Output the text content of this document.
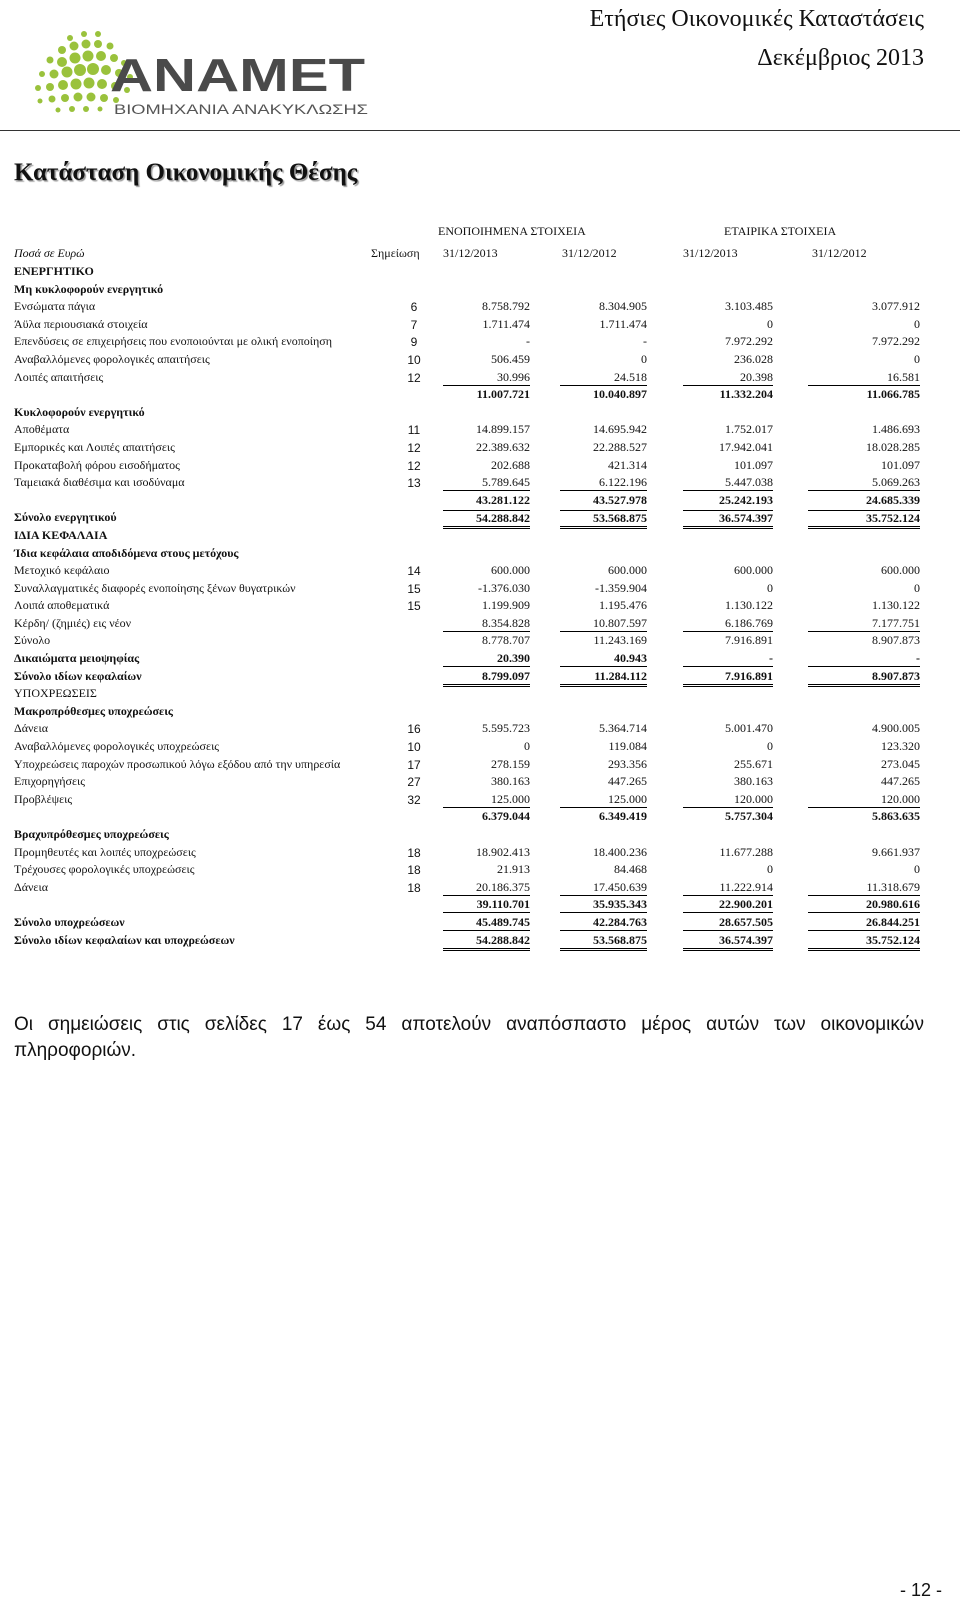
ΑΝΑΜΕΤ
ΒΙΟΜΗΧΑΝΙΑ ΑΝΑΚΥΚΛΩΣΗΣ
Ετήσιες Οικονομικές Καταστάσεις
Δεκέμβριος 2013
Κατάσταση Οικονομικής Θέσης
ΕΝΟΠΟΙΗΜΕΝΑ ΣΤΟΙΧΕΙΑ	ΕΤΑΙΡΙΚΑ ΣΤΟΙΧΕΙΑ
Ποσά σε Ευρώ	Σημείωση 31/12/2013	31/12/2012	31/12/2013	31/12/2012
ΕΝΕΡΓΗΤΙΚΟ
Μη κυκλοφορούν ενεργητικό
Ενσώματα πάγια	6	8.758.792	8.304.905	3.103.485	3.077.912
Άϋλα περιουσιακά στοιχεία	7	1.711.474	1.711.474	0	0
Επενδύσεις σε επιχειρήσεις που ενοποιούνται με ολική ενοποίηση	9	-	-	7.972.292	7.972.292
Αναβαλλόμενες φορολογικές απαιτήσεις	10	506.459	0	236.028	0
Λοιπές απαιτήσεις	12	30.996	24.518	20.398	16.581
11.007.721	10.040.897	11.332.204	11.066.785
Κυκλοφορούν ενεργητικό
Αποθέματα	11	14.899.157	14.695.942	1.752.017	1.486.693
Εμπορικές και Λοιπές απαιτήσεις	12	22.389.632	22.288.527	17.942.041	18.028.285
Προκαταβολή φόρου εισοδήματος	12	202.688	421.314	101.097	101.097
Ταμειακά διαθέσιμα και ισοδύναμα	13	5.789.645	6.122.196	5.447.038	5.069.263
43.281.122	43.527.978	25.242.193	24.685.339
Σύνολο ενεργητικού	54.288.842	53.568.875	36.574.397	35.752.124
ΙΔΙΑ ΚΕΦΑΛΑΙΑ
Ίδια κεφάλαια αποδιδόμενα στους μετόχους
Μετοχικό κεφάλαιο	14	600.000	600.000	600.000	600.000
Συναλλαγματικές διαφορές ενοποίησης ξένων θυγατρικών	15	-1.376.030	-1.359.904	0	0
Λοιπά αποθεματικά	15	1.199.909	1.195.476	1.130.122	1.130.122
Κέρδη/ (ζημιές) εις νέον	8.354.828	10.807.597	6.186.769	7.177.751
Σύνολο	8.778.707	11.243.169	7.916.891	8.907.873
Δικαιώματα μειοψηφίας	20.390	40.943	-	-
Σύνολο ιδίων κεφαλαίων	8.799.097	11.284.112	7.916.891	8.907.873
ΥΠΟΧΡΕΩΣΕΙΣ
Μακροπρόθεσμες υποχρεώσεις
Δάνεια	16	5.595.723	5.364.714	5.001.470	4.900.005
Αναβαλλόμενες φορολογικές υποχρεώσεις	10	0	119.084	0	123.320
Υποχρεώσεις παροχών προσωπικού λόγω εξόδου από την υπηρεσία	17	278.159	293.356	255.671	273.045
Επιχορηγήσεις	27	380.163	447.265	380.163	447.265
Προβλέψεις	32	125.000	125.000	120.000	120.000
6.379.044	6.349.419	5.757.304	5.863.635
Βραχυπρόθεσμες υποχρεώσεις
Προμηθευτές και λοιπές υποχρεώσεις	18	18.902.413	18.400.236	11.677.288	9.661.937
Τρέχουσες φορολογικές υποχρεώσεις	18	21.913	84.468	0	0
Δάνεια	18	20.186.375	17.450.639	11.222.914	11.318.679
39.110.701	35.935.343	22.900.201	20.980.616
Σύνολο υποχρεώσεων	45.489.745	42.284.763	28.657.505	26.844.251
Σύνολο ιδίων κεφαλαίων και υποχρεώσεων	54.288.842	53.568.875	36.574.397	35.752.124
Οι σημειώσεις στις σελίδες 17 έως 54 αποτελούν αναπόσπαστο μέρος αυτών των οικονομικών πληροφοριών.
- 12 -
